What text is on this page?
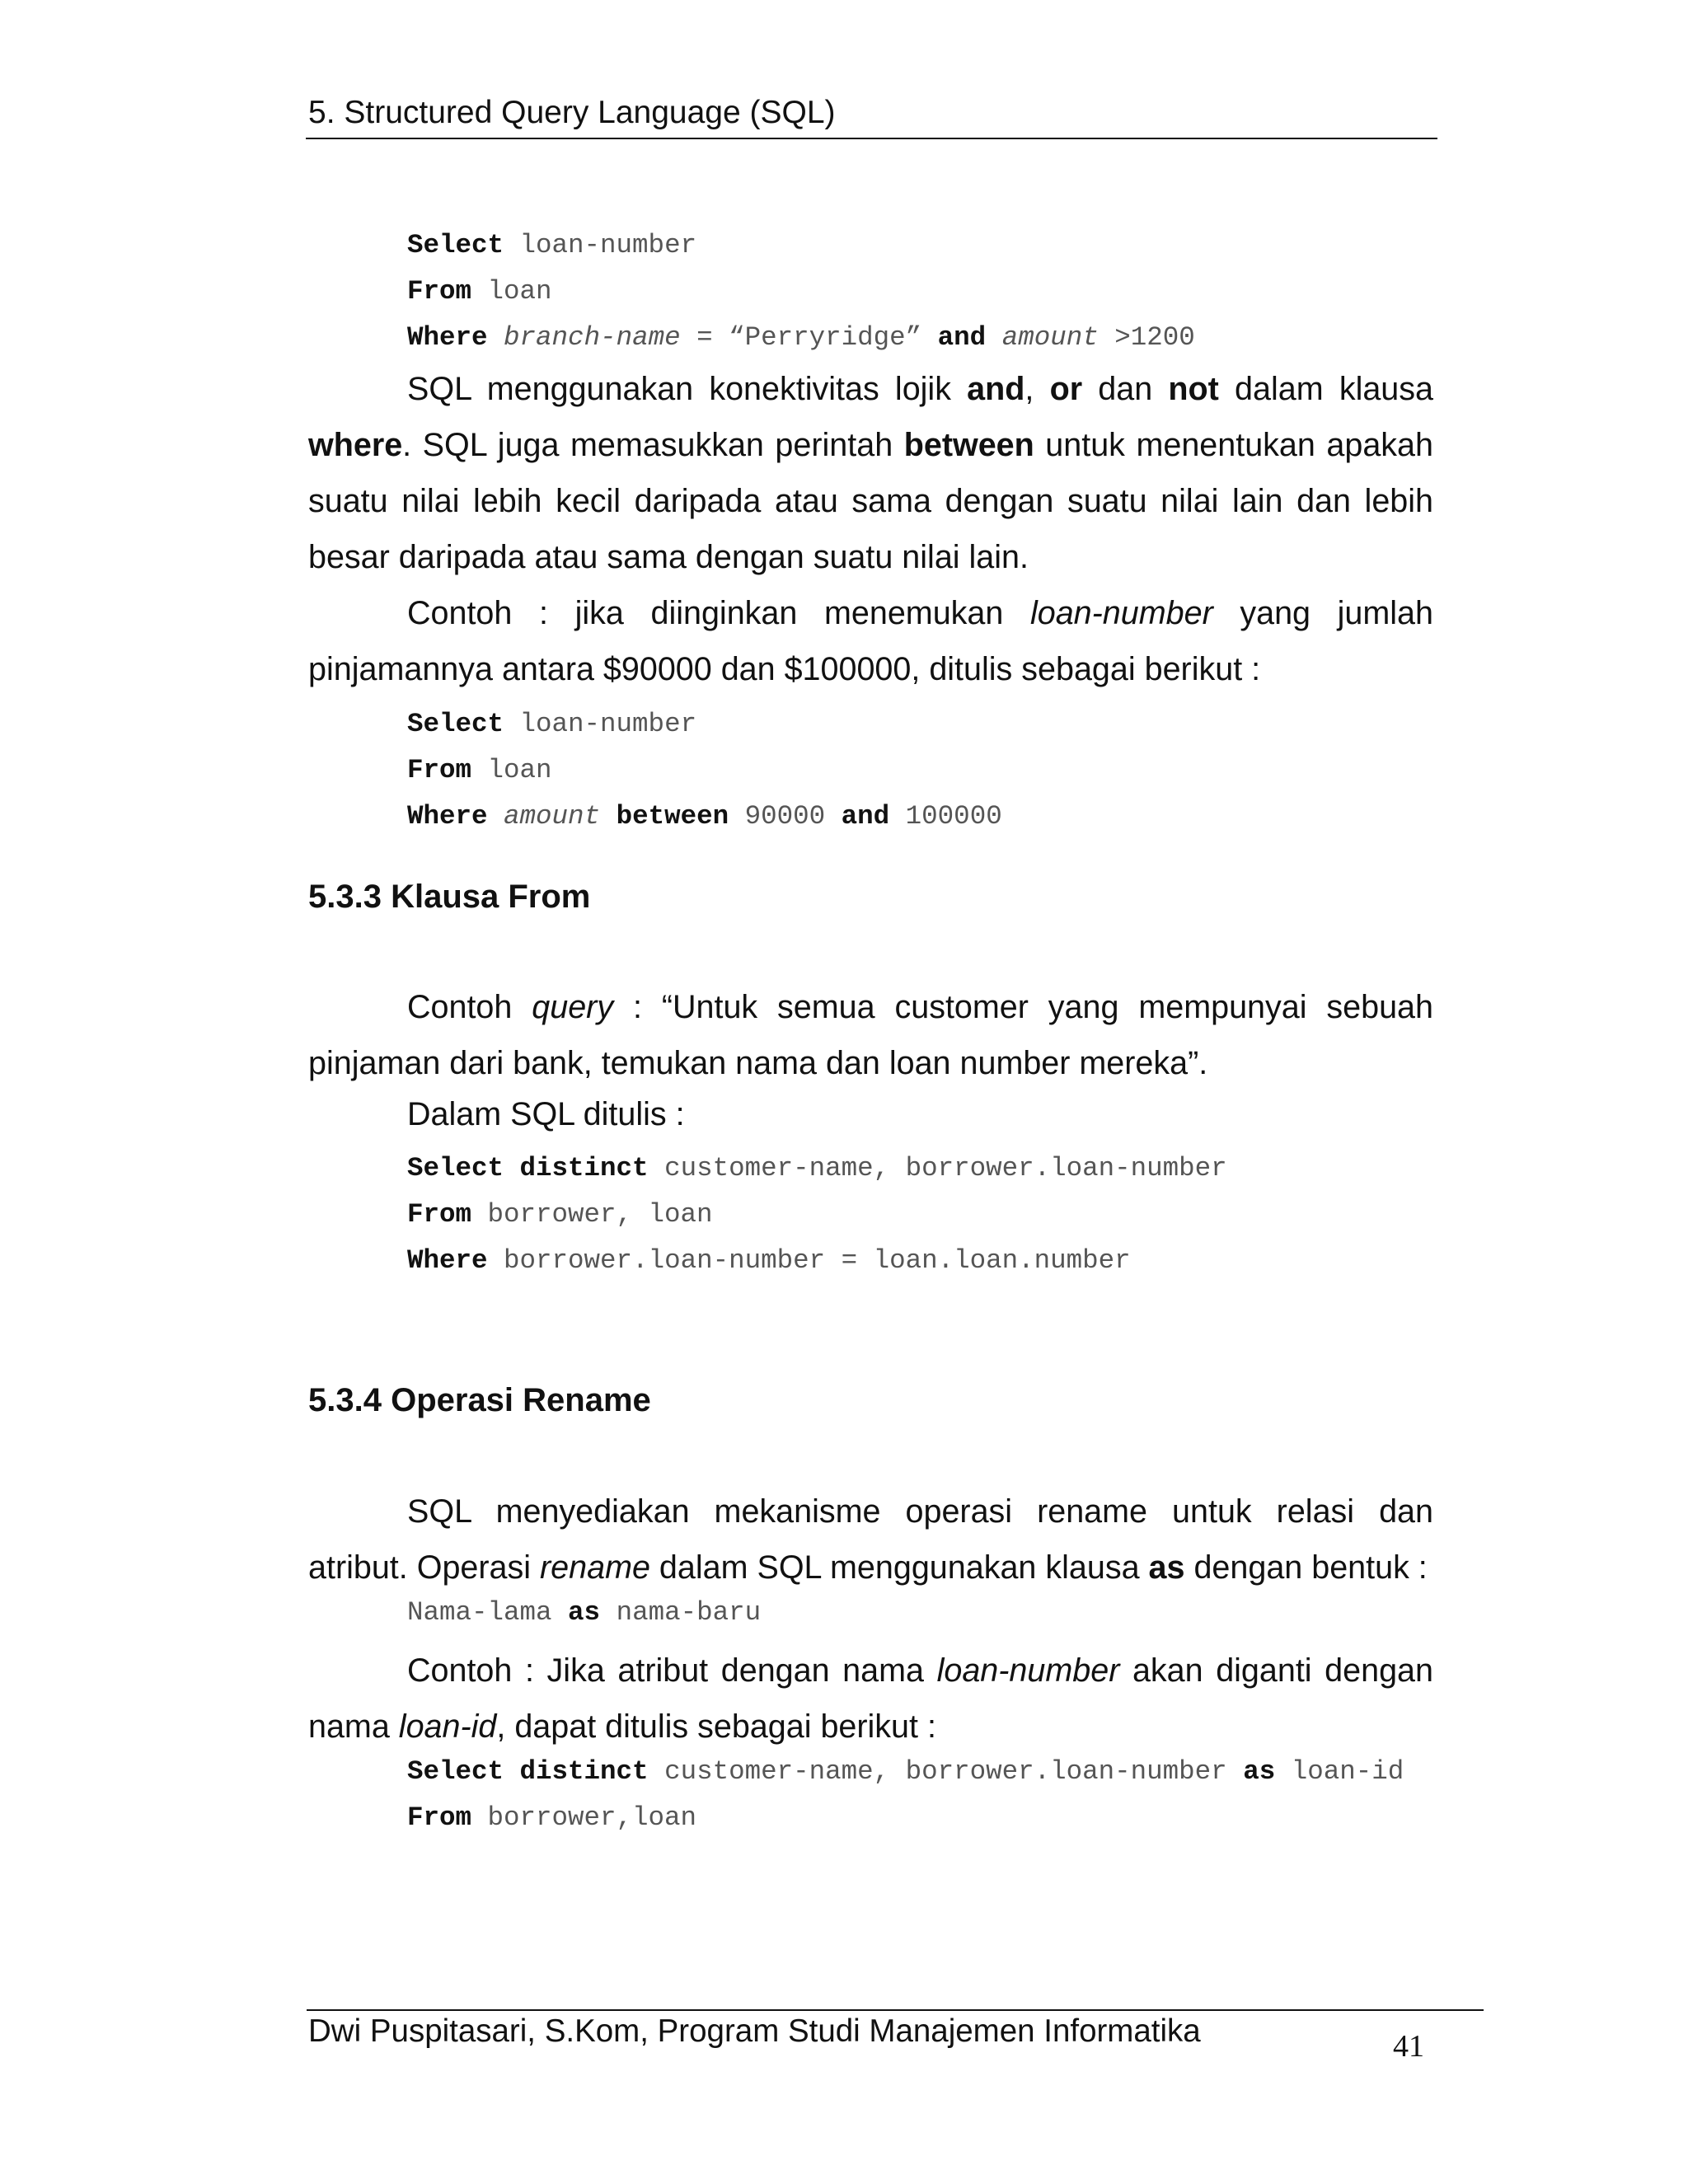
5. Structured Query Language (SQL)
Select loan-number
From loan
Where branch-name = “Perryridge” and amount >1200
SQL menggunakan konektivitas lojik and, or dan not dalam klausa
where. SQL juga memasukkan perintah between untuk menentukan apakah
suatu nilai lebih kecil daripada atau sama dengan suatu nilai lain dan lebih
besar daripada atau sama dengan suatu nilai lain.
Contoh : jika diinginkan menemukan loan-number yang jumlah
pinjamannya antara $90000 dan $100000, ditulis sebagai berikut :
Select loan-number
From loan
Where amount between 90000 and 100000
5.3.3 Klausa From
Contoh query : “Untuk semua customer yang mempunyai sebuah
pinjaman dari bank, temukan nama dan loan number mereka”.
Dalam SQL ditulis :
Select distinct customer-name, borrower.loan-number
From borrower, loan
Where borrower.loan-number = loan.loan.number
5.3.4 Operasi Rename
SQL menyediakan mekanisme operasi rename untuk relasi dan
atribut. Operasi rename dalam SQL menggunakan klausa as dengan bentuk :
Nama-lama as nama-baru
Contoh : Jika atribut dengan nama loan-number akan diganti dengan
nama loan-id, dapat ditulis sebagai berikut :
Select distinct customer-name, borrower.loan-number as loan-id
From borrower,loan
Dwi Puspitasari, S.Kom, Program Studi Manajemen Informatika	41
